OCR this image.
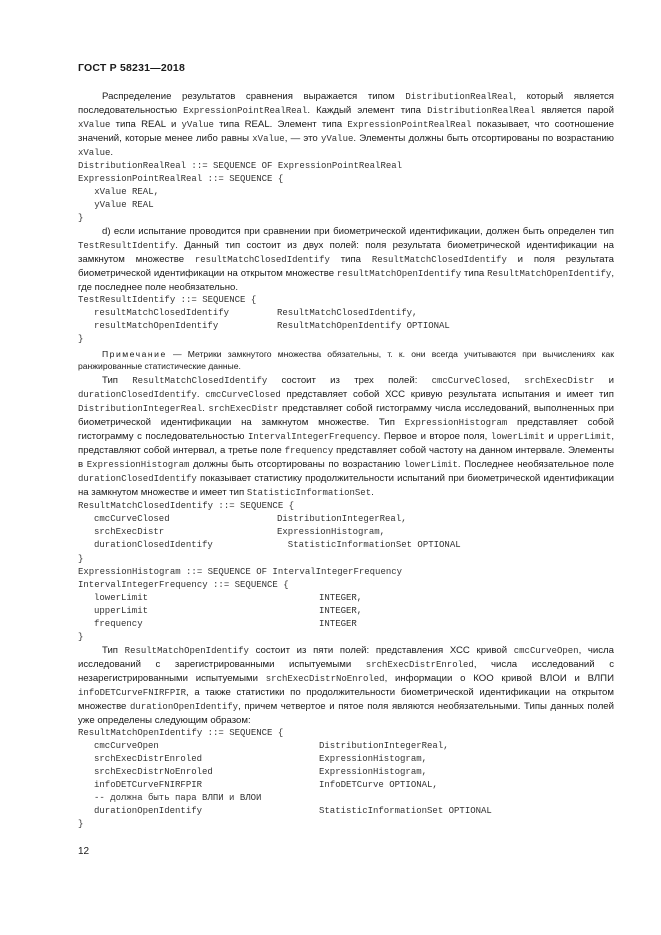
ГОСТ Р 58231—2018

Распределение результатов сравнения выражается типом DistributionRealReal, который является последовательностью ExpressionPointRealReal. Каждый элемент типа DistributionRealReal является парой xValue типа REAL и yValue типа REAL. Элемент типа ExpressionPointRealReal показывает, что соотношение значений, которые менее либо равны xValue, — это yValue. Элементы должны быть отсортированы по возрастанию xValue.

DistributionRealReal ::= SEQUENCE OF ExpressionPointRealReal
ExpressionPointRealReal ::= SEQUENCE {
xValue REAL,
yValue REAL
}

d) если испытание проводится при сравнении при биометрической идентификации, должен быть определен тип TestResultIdentify. Данный тип состоит из двух полей: поля результата биометрической идентификации на замкнутом множестве resultMatchClosedIdentify типа ResultMatchClosedIdentify и поля результата биометрической идентификации на открытом множестве resultMatchOpenIdentify типа ResultMatchOpenIdentify, где последнее поле необязательно.

TestResultIdentify ::= SEQUENCE {
resultMatchClosedIdentify	ResultMatchClosedIdentify,
resultMatchOpenIdentify	ResultMatchOpenIdentify OPTIONAL
}

Примечание — Метрики замкнутого множества обязательны, т. к. они всегда учитываются при вычислениях как ранжированные статистические данные.

Тип ResultMatchClosedIdentify состоит из трех полей: cmcCurveClosed, srchExecDistr и durationClosedIdentify. cmcCurveClosed представляет собой ХСС кривую результата испытания и имеет тип DistributionIntegerReal. srchExecDistr представляет собой гистограмму числа исследований, выполненных при биометрической идентификации на замкнутом множестве. Тип ExpressionHistogram представляет собой гистограмму с последовательностью IntervalIntegerFrequency. Первое и второе поля, lowerLimit и upperLimit, представляют собой интервал, а третье поле frequency представляет собой частоту на данном интервале. Элементы в ExpressionHistogram должны быть отсортированы по возрастанию lowerLimit. Последнее необязательное поле durationClosedIdentify показывает статистику продолжительности испытаний при биометрической идентификации на замкнутом множестве и имеет тип StatisticInformationSet.

ResultMatchClosedIdentify ::= SEQUENCE {
cmcCurveClosed	DistributionIntegerReal,
srchExecDistr	ExpressionHistogram,
durationClosedIdentify	StatisticInformationSet OPTIONAL
}
ExpressionHistogram ::= SEQUENCE OF IntervalIntegerFrequency
IntervalIntegerFrequency ::= SEQUENCE {
lowerLimit	INTEGER,
upperLimit	INTEGER,
frequency	INTEGER
}

Тип ResultMatchOpenIdentify состоит из пяти полей: представления ХСС кривой cmcCurveOpen, числа исследований с зарегистрированными испытуемыми srchExecDistrEnroled, числа исследований с незарегистрированными испытуемыми srchExecDistrNoEnroled, информации о КОО кривой ВЛОИ и ВЛПИ infoDETCurveFNIRFPIR, а также статистики по продолжительности биометрической идентификации на открытом множестве durationOpenIdentify, причем четвертое и пятое поля являются необязательными. Типы данных полей уже определены следующим образом:

ResultMatchOpenIdentify ::= SEQUENCE {
cmcCurveOpen	DistributionIntegerReal,
srchExecDistrEnroled	ExpressionHistogram,
srchExecDistrNoEnroled	ExpressionHistogram,
infoDETCurveFNIRFPIR	InfoDETCurve OPTIONAL,
-- должна быть пара ВЛПИ и ВЛОИ
durationOpenIdentify	StatisticInformationSet OPTIONAL
}
12
